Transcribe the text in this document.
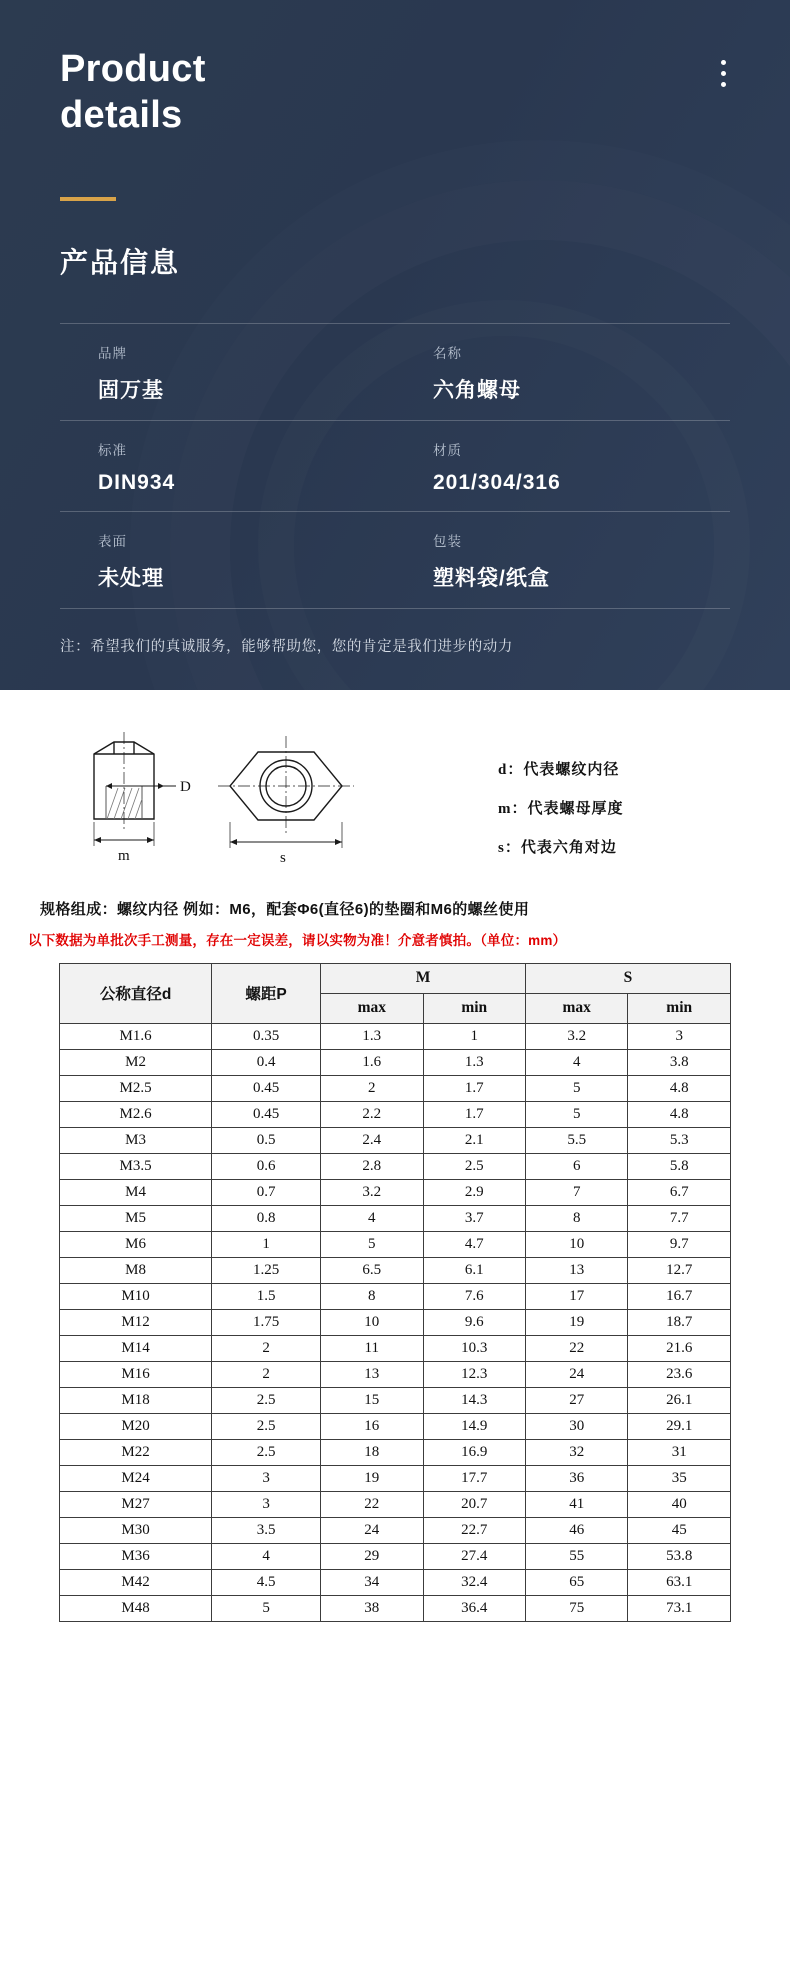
Product
details
产品信息
品牌
固万基
名称
六角螺母
标准
DIN934
材质
201/304/316
表面
未处理
包装
塑料袋/纸盒
注：希望我们的真诚服务，能够帮助您，您的肯定是我们进步的动力
D
m	s
d：代表螺纹内径
m：代表螺母厚度
s：代表六角对边
规格组成：螺纹内径 例如：M6，配套Φ6(直径6)的垫圈和M6的螺丝使用
以下数据为单批次手工测量，存在一定误差，请以实物为准！介意者慎拍。（单位：mm）
公称直径d	螺距P	M		S	
		max	min	max	min
M1.6	0.35	1.3	1	3.2	3
M2	0.4	1.6	1.3	4	3.8
M2.5	0.45	2	1.7	5	4.8
M2.6	0.45	2.2	1.7	5	4.8
M3	0.5	2.4	2.1	5.5	5.3
M3.5	0.6	2.8	2.5	6	5.8
M4	0.7	3.2	2.9	7	6.7
M5	0.8	4	3.7	8	7.7
M6	1	5	4.7	10	9.7
M8	1.25	6.5	6.1	13	12.7
M10	1.5	8	7.6	17	16.7
M12	1.75	10	9.6	19	18.7
M14	2	11	10.3	22	21.6
M16	2	13	12.3	24	23.6
M18	2.5	15	14.3	27	26.1
M20	2.5	16	14.9	30	29.1
M22	2.5	18	16.9	32	31
M24	3	19	17.7	36	35
M27	3	22	20.7	41	40
M30	3.5	24	22.7	46	45
M36	4	29	27.4	55	53.8
M42	4.5	34	32.4	65	63.1
M48	5	38	36.4	75	73.1
